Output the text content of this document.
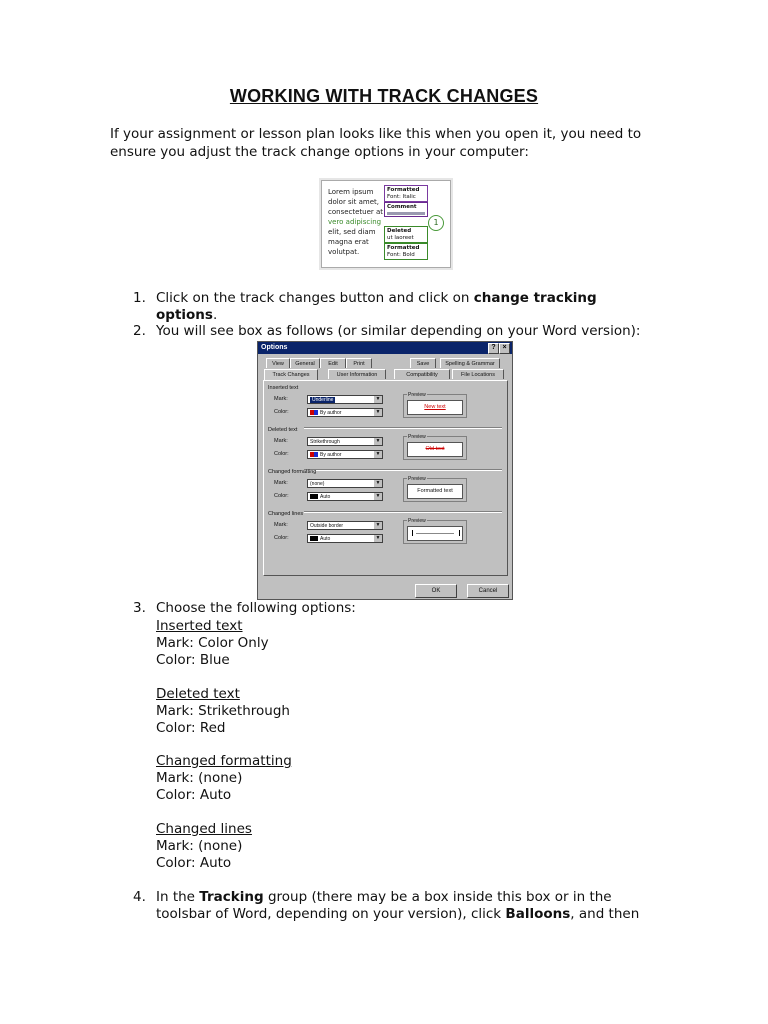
WORKING WITH TRACK CHANGES
If your assignment or lesson plan looks like this when you open it, you need to ensure you adjust the track change options in your computer:
Lorem ipsum
dolor sit amet,
consectetuer at
vero adipiscing
elit, sed diam
magna erat
volutpat.
Formatted
Font: Italic
Comment
Deleted
ut laoreet
Formatted
Font: Bold
1
1. Click on the track changes button and click on change tracking
options.
2. You will see box as follows (or similar depending on your Word version):
Options	? ×
View	General	Edit	Print	Save	Spelling & Grammar
Track Changes	User Information	Compatibility	File Locations
Inserted text
Mark:	Underline	▼
Color:	By author	▼
Preview
New text
Deleted text
Mark:	Strikethrough	▼
Color:	By author	▼
Preview
Old text
Changed formatting
Mark:	(none)	▼
Color:	Auto	▼
Preview
Formatted text
Changed lines
Mark:	Outside border	▼
Color:	Auto	▼
Preview
OK	Cancel
3. Choose the following options:
Inserted text
Mark: Color Only
Color: Blue
Deleted text
Mark: Strikethrough
Color: Red
Changed formatting
Mark: (none)
Color: Auto
Changed lines
Mark: (none)
Color: Auto
4. In the Tracking group (there may be a box inside this box or in the
toolsbar of Word, depending on your version), click Balloons, and then
